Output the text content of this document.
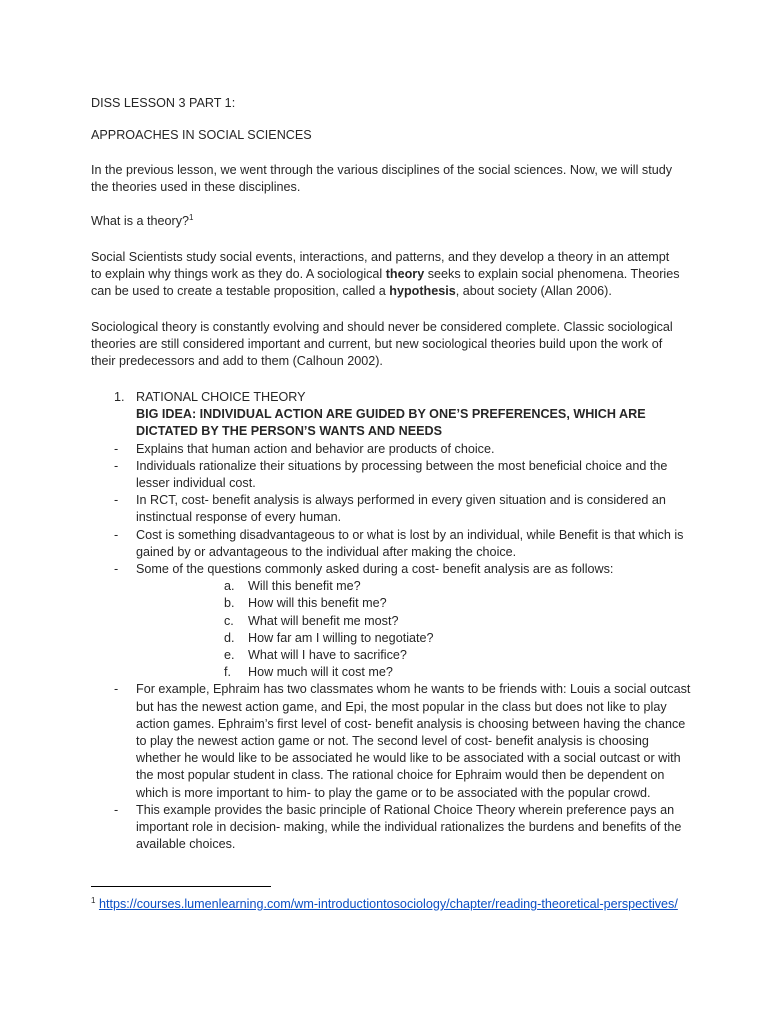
DISS LESSON 3 PART 1:
APPROACHES IN SOCIAL SCIENCES
In the previous lesson, we went through the various disciplines of the social sciences. Now, we will study the theories used in these disciplines.
What is a theory?$^1$
Social Scientists study social events, interactions, and patterns, and they develop a theory in an attempt to explain why things work as they do. A sociological theory seeks to explain social phenomena. Theories can be used to create a testable proposition, called a hypothesis, about society (Allan 2006).
Sociological theory is constantly evolving and should never be considered complete. Classic sociological theories are still considered important and current, but new sociological theories build upon the work of their predecessors and add to them (Calhoun 2002).
1. RATIONAL CHOICE THEORY
BIG IDEA: INDIVIDUAL ACTION ARE GUIDED BY ONE’S PREFERENCES, WHICH ARE DICTATED BY THE PERSON’S WANTS AND NEEDS
-	Explains that human action and behavior are products of choice.
-	Individuals rationalize their situations by processing between the most beneficial choice and the lesser individual cost.
-	In RCT, cost- benefit analysis is always performed in every given situation and is considered an instinctual response of every human.
-	Cost is something disadvantageous to or what is lost by an individual, while Benefit is that which is gained by or advantageous to the individual after making the choice.
-	Some of the questions commonly asked during a cost- benefit analysis are as follows:
a.	Will this benefit me?
b.	How will this benefit me?
c.	What will benefit me most?
d.	How far am I willing to negotiate?
e.	What will I have to sacrifice?
f.	How much will it cost me?
-	For example, Ephraim has two classmates whom he wants to be friends with: Louis a social outcast but has the newest action game, and Epi, the most popular in the class but does not like to play action games. Ephraim’s first level of cost- benefit analysis is choosing between having the chance to play the newest action game or not. The second level of cost- benefit analysis is choosing whether he would like to be associated he would like to be associated with a social outcast or with the most popular student in class. The rational choice for Ephraim would then be dependent on which is more important to him- to play the game or to be associated with the popular crowd.
-	This example provides the basic principle of Rational Choice Theory wherein preference pays an important role in decision- making, while the individual rationalizes the burdens and benefits of the available choices.
$^1$ https://courses.lumenlearning.com/wm-introductiontosociology/chapter/reading-theoretical-perspectives/
